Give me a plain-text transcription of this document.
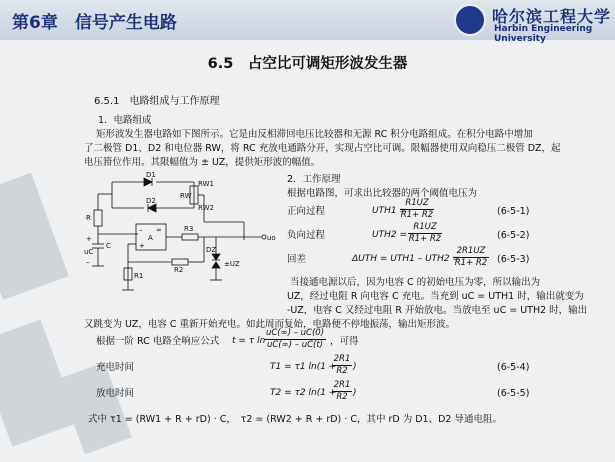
第6章　信号产生电路	哈尔滨工程大学
Harbin Engineering University
6.5　占空比可调矩形波发生器
6.5.1　电路组成与工作原理
1．电路组成
矩形波发生器电路如下图所示。它是由反相滞回电压比较器和无源 RC 积分电路组成。在积分电路中增加
了二极管 D1、D2 和电位器 RW，将 RC 充放电通路分开，实现占空比可调。限幅器使用双向稳压二极管 DZ，起
电压箝位作用。其限幅值为 ± UZ，提供矩形波的幅值。
D1
D2
RW1
RW
RW2
R
C
uC
+
–
–
+
A
∞	R3
R2
R1
DZ
±UZ
uo
2．工作原理
根据电路图，可求出比较器的两个阈值电压为
正向过程	UTH1 =
$\frac{R1UZ}{R1+ R2}$	(6-5-1)
负向过程	UTH2 = –
$\frac{R1UZ}{R1+ R2}$	(6-5-2)
回差	ΔUTH = UTH1 – UTH2 =
$\frac{2R1UZ}{R1+ R2} (6-5-3)$
当接通电源以后，因为电容 C 的初始电压为零，所以输出为
UZ，经过电阻 R 向电容 C 充电。当充到 uC = UTH1 时，输出就变为
-UZ，电容 C 又经过电阻 R 开始放电。当放电至 uC = UTH2 时，输出
又跳变为 UZ，电容 C 重新开始充电。如此周而复始，电路便不停地振荡，输出矩形波。
根据一阶 RC 电路全响应公式 t = τ ln
$\frac{uC(\infty) - uC(0)}{uC(\infty) - uC(t)}$ ，可得
充电时间	T1 = τ1 ln(1 +
$\frac{2R1}{R2}$ )	(6-5-4)
放电时间	T2 = τ2 ln(1 +
$\frac{2R1}{R2}$ )	(6-5-5)
式中 τ1 = (RW1 + R + rD) · C，　τ2 = (RW2 + R + rD) · C，其中 rD 为 D1、D2 导通电阻。
